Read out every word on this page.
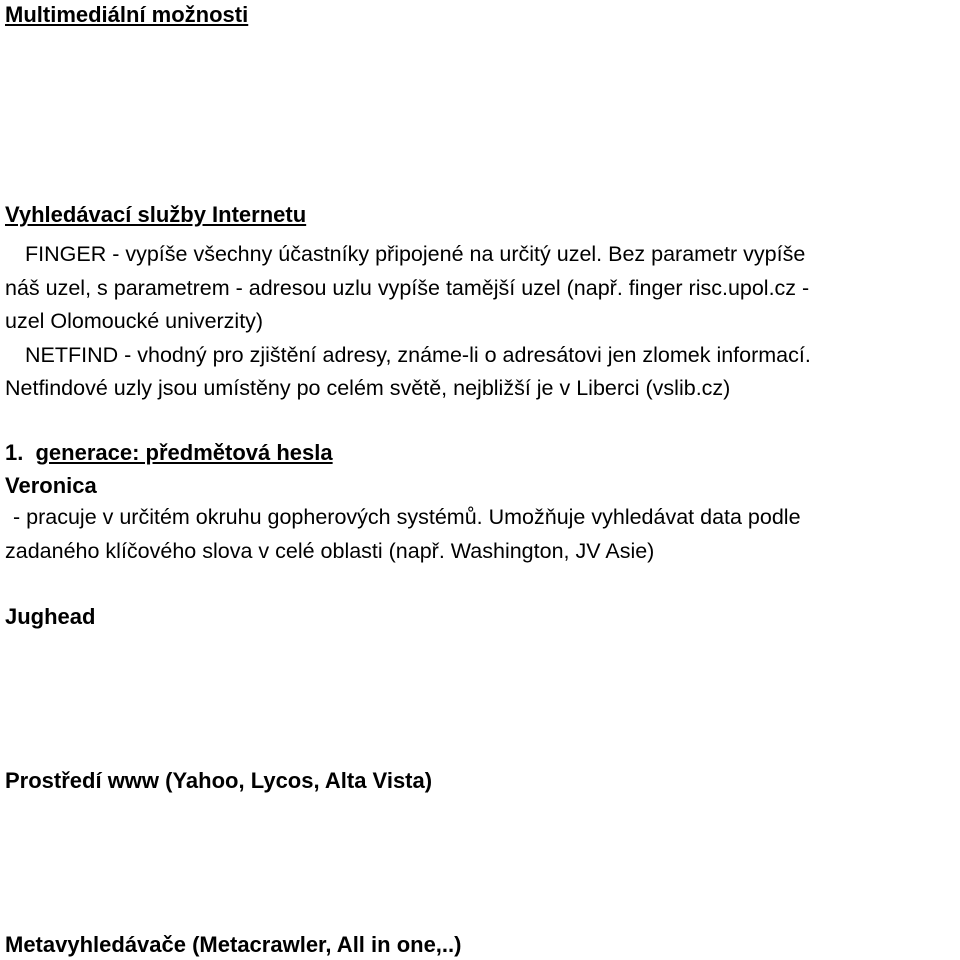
Multimediální možnosti
Vyhledávací služby Internetu
FINGER - vypíše všechny účastníky připojené na určitý uzel. Bez parametr vypíše
náš uzel, s parametrem - adresou uzlu vypíše tamější uzel (např. finger risc.upol.cz -
uzel Olomoucké univerzity)
NETFIND - vhodný pro zjištění adresy, známe-li o adresátovi jen zlomek informací.
Netfindové uzly jsou umístěny po celém světě, nejbližší je v Liberci (vslib.cz)
1. generace: předmětová hesla
Veronica
- pracuje v určitém okruhu gopherových systémů. Umožňuje vyhledávat data podle
zadaného klíčového slova v celé oblasti (např. Washington, JV Asie)
Jughead
Prostředí www (Yahoo, Lycos, Alta Vista)
Metavyhledávače (Metacrawler, All in one,..)
